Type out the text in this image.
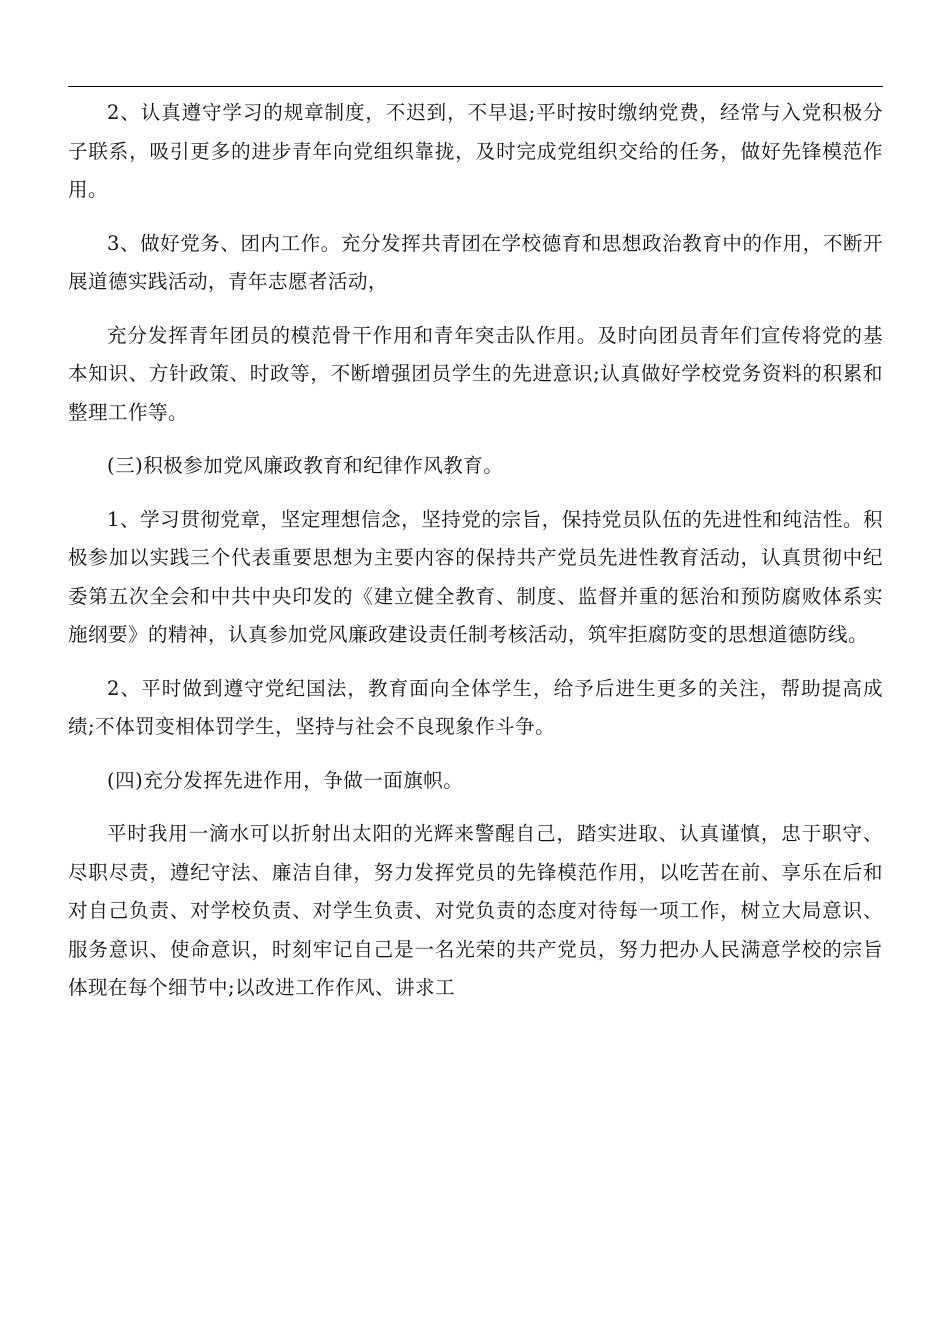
2、认真遵守学习的规章制度，不迟到，不早退;平时按时缴纳党费，经常与入党积极分子联系，吸引更多的进步青年向党组织靠拢，及时完成党组织交给的任务，做好先锋模范作用。

3、做好党务、团内工作。充分发挥共青团在学校德育和思想政治教育中的作用，不断开展道德实践活动，青年志愿者活动，

充分发挥青年团员的模范骨干作用和青年突击队作用。及时向团员青年们宣传将党的基本知识、方针政策、时政等，不断增强团员学生的先进意识;认真做好学校党务资料的积累和整理工作等。

(三)积极参加党风廉政教育和纪律作风教育。

1、学习贯彻党章，坚定理想信念，坚持党的宗旨，保持党员队伍的先进性和纯洁性。积极参加以实践三个代表重要思想为主要内容的保持共产党员先进性教育活动，认真贯彻中纪委第五次全会和中共中央印发的《建立健全教育、制度、监督并重的惩治和预防腐败体系实施纲要》的精神，认真参加党风廉政建设责任制考核活动，筑牢拒腐防变的思想道德防线。

2、平时做到遵守党纪国法，教育面向全体学生，给予后进生更多的关注，帮助提高成绩;不体罚变相体罚学生，坚持与社会不良现象作斗争。

(四)充分发挥先进作用，争做一面旗帜。

平时我用一滴水可以折射出太阳的光辉来警醒自己，踏实进取、认真谨慎，忠于职守、尽职尽责，遵纪守法、廉洁自律，努力发挥党员的先锋模范作用，以吃苦在前、享乐在后和对自己负责、对学校负责、对学生负责、对党负责的态度对待每一项工作，树立大局意识、服务意识、使命意识，时刻牢记自己是一名光荣的共产党员，努力把办人民满意学校的宗旨体现在每个细节中;以改进工作作风、讲求工
